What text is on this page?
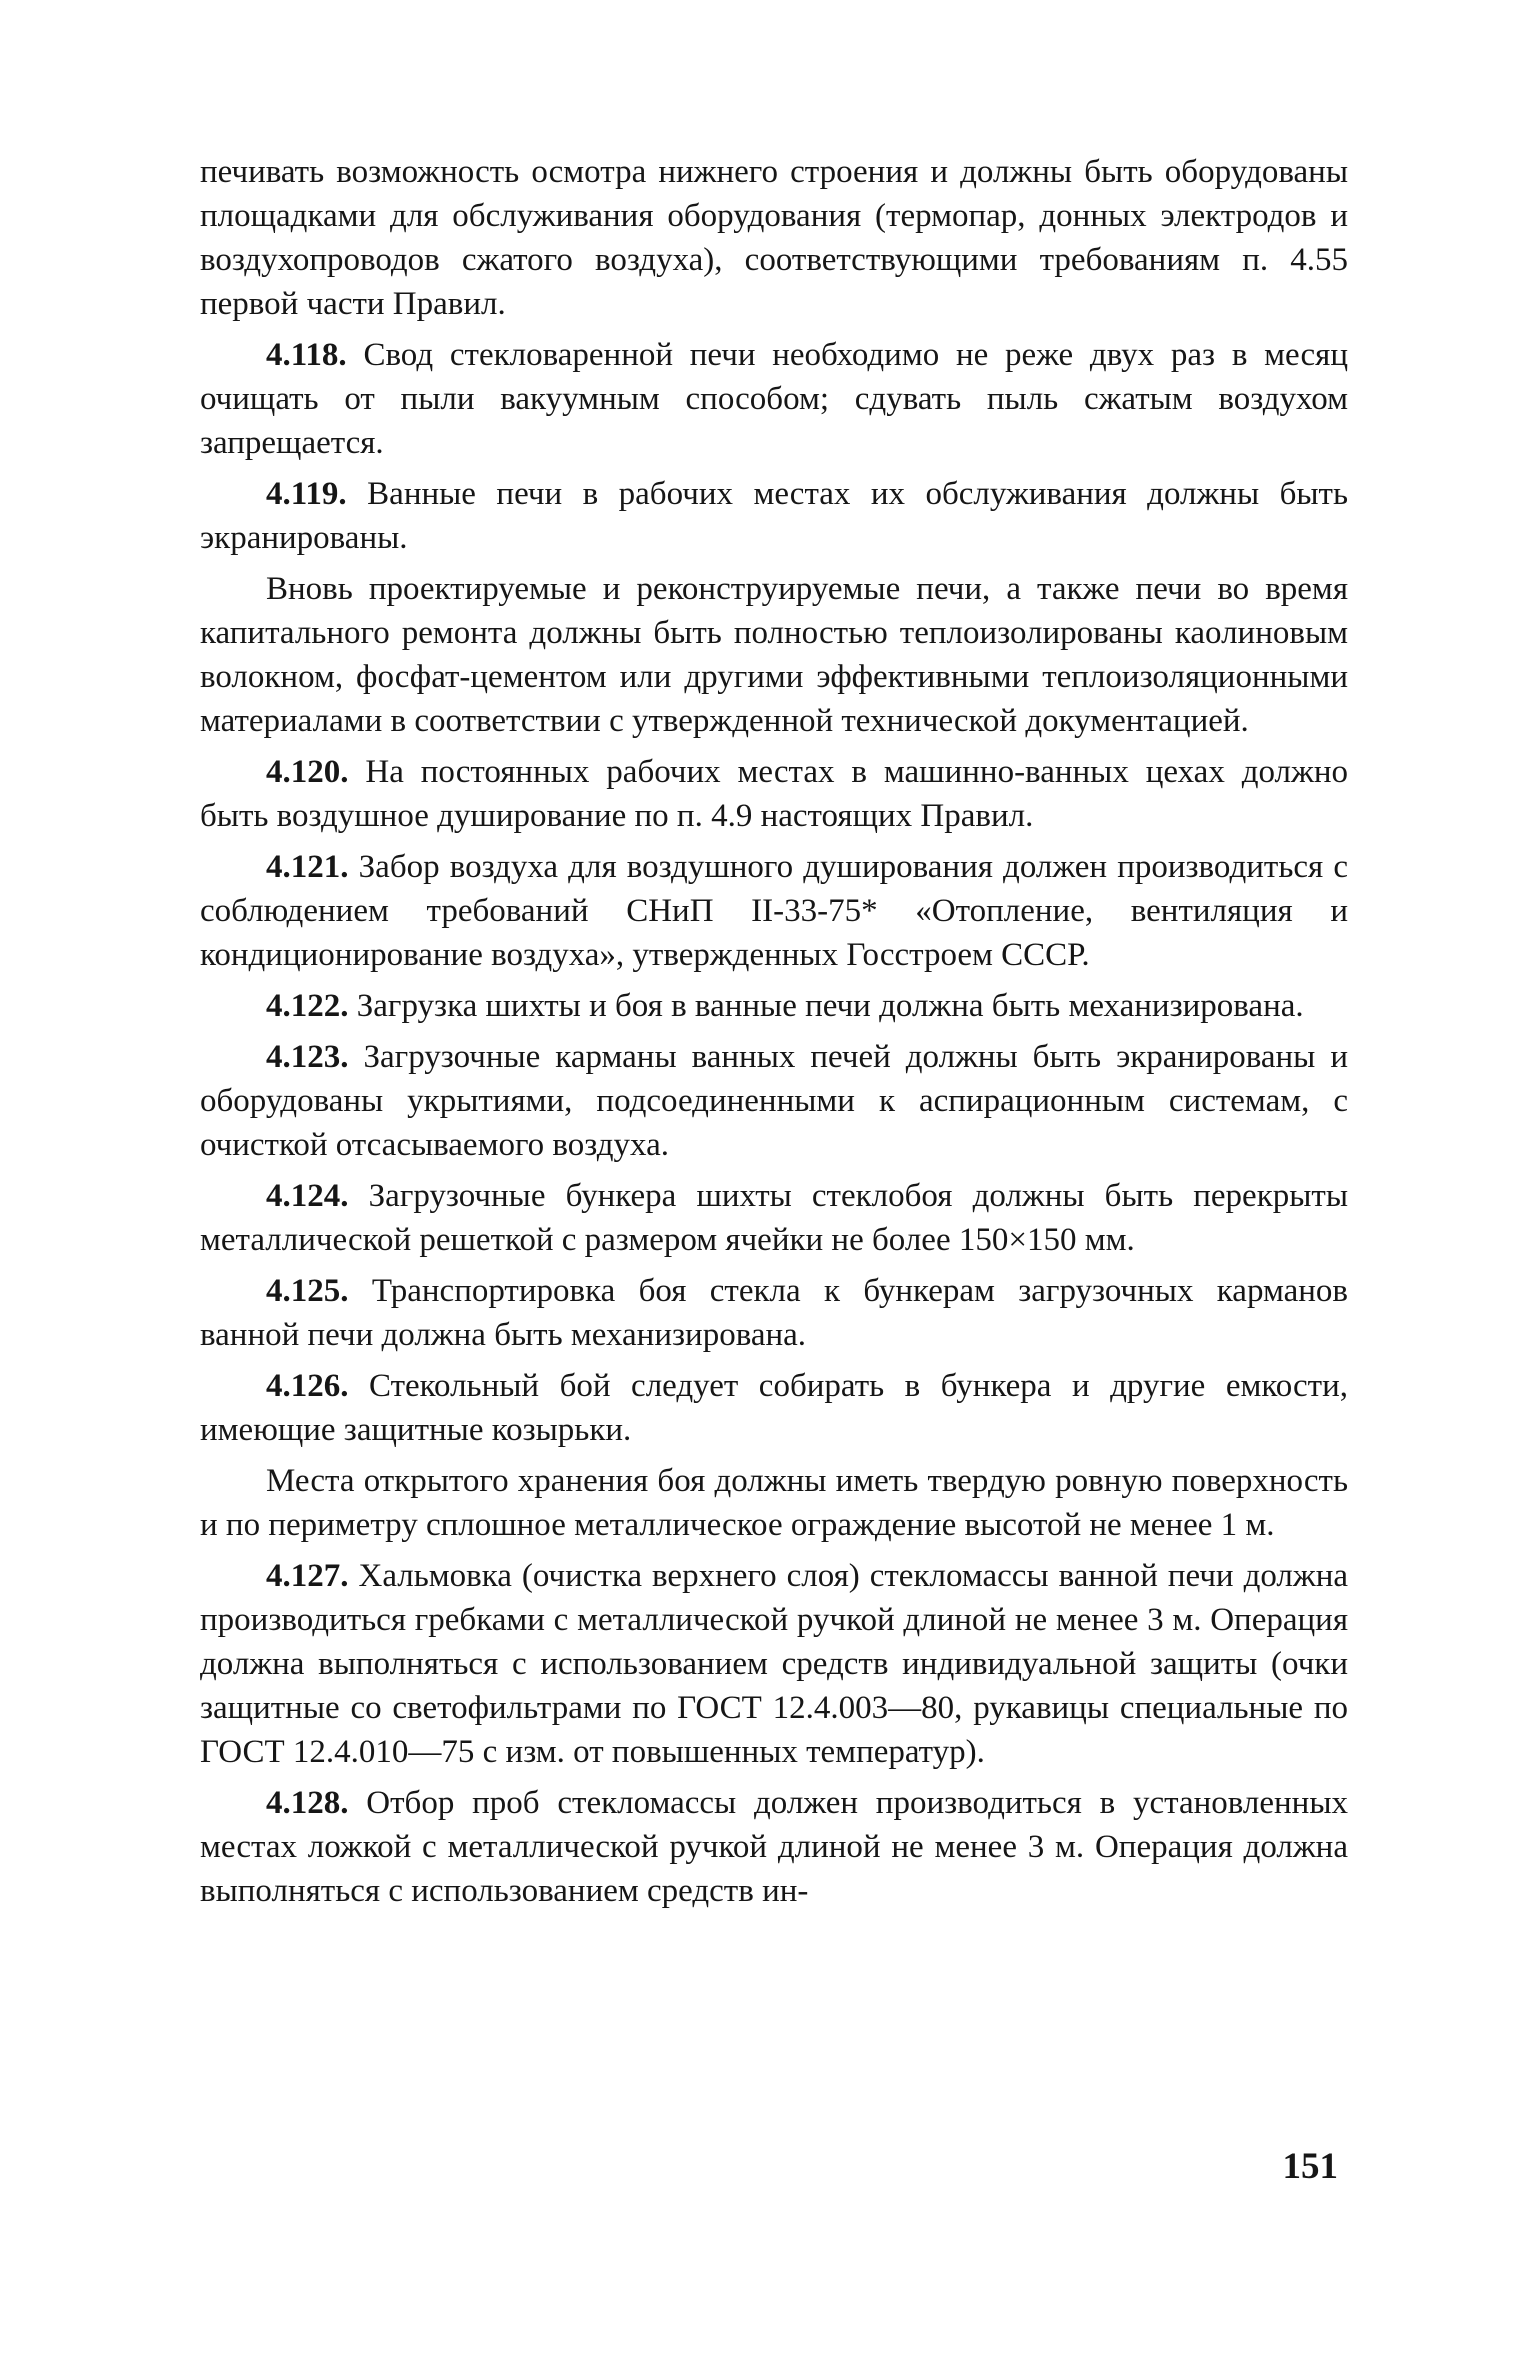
печивать возможность осмотра нижнего строения и должны быть оборудованы площадками для обслуживания оборудования (термопар, донных электродов и воздухопроводов сжатого воздуха), соответствующими требованиям п. 4.55 первой части Правил.

4.118. Свод стекловаренной печи необходимо не реже двух раз в месяц очищать от пыли вакуумным способом; сдувать пыль сжатым воздухом запрещается.

4.119. Ванные печи в рабочих местах их обслуживания должны быть экранированы.

Вновь проектируемые и реконструируемые печи, а также печи во время капитального ремонта должны быть полностью теплоизолированы каолиновым волокном, фосфат-цементом или другими эффективными теплоизоляционными материалами в соответствии с утвержденной технической документацией.

4.120. На постоянных рабочих местах в машинно-ванных цехах должно быть воздушное душирование по п. 4.9 настоящих Правил.

4.121. Забор воздуха для воздушного душирования должен производиться с соблюдением требований СНиП II-33-75* «Отопление, вентиляция и кондиционирование воздуха», утвержденных Госстроем СССР.

4.122. Загрузка шихты и боя в ванные печи должна быть механизирована.

4.123. Загрузочные карманы ванных печей должны быть экранированы и оборудованы укрытиями, подсоединенными к аспирационным системам, с очисткой отсасываемого воздуха.

4.124. Загрузочные бункера шихты стеклобоя должны быть перекрыты металлической решеткой с размером ячейки не более 150×150 мм.

4.125. Транспортировка боя стекла к бункерам загрузочных карманов ванной печи должна быть механизирована.

4.126. Стекольный бой следует собирать в бункера и другие емкости, имеющие защитные козырьки.

Места открытого хранения боя должны иметь твердую ровную поверхность и по периметру сплошное металлическое ограждение высотой не менее 1 м.

4.127. Хальмовка (очистка верхнего слоя) стекломассы ванной печи должна производиться гребками с металлической ручкой длиной не менее 3 м. Операция должна выполняться с использованием средств индивидуальной защиты (очки защитные со светофильтрами по ГОСТ 12.4.003—80, рукавицы специальные по ГОСТ 12.4.010—75 с изм. от повышенных температур).

4.128. Отбор проб стекломассы должен производиться в установленных местах ложкой с металлической ручкой длиной не менее 3 м. Операция должна выполняться с использованием средств ин-

151
